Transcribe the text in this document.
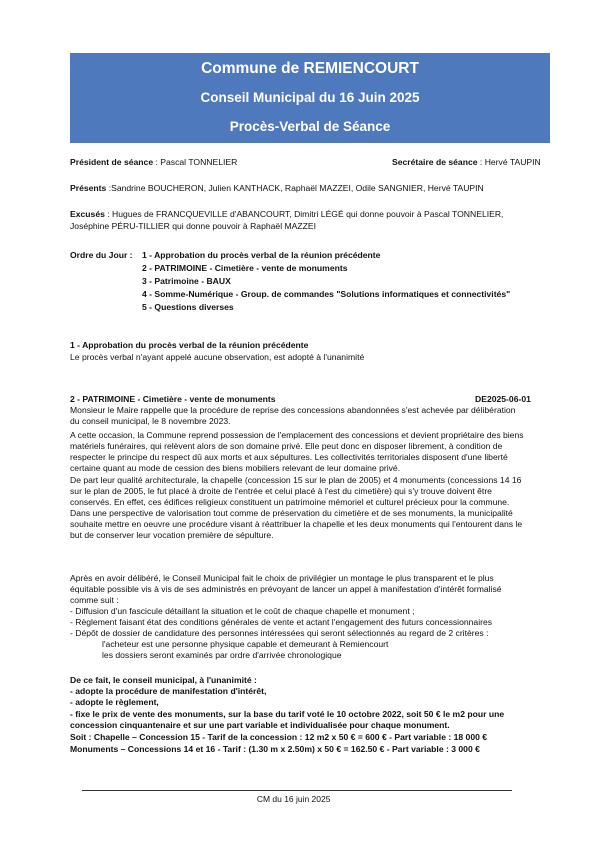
Commune de REMIENCOURT
Conseil Municipal du 16 Juin 2025
Procès-Verbal de Séance
Président de séance : Pascal TONNELIER	Secrétaire de séance : Hervé TAUPIN
Présents :Sandrine BOUCHERON, Julien KANTHACK, Raphaël MAZZEI, Odile SANGNIER, Hervé TAUPIN
Excusés : Hugues de FRANCQUEVILLE d'ABANCOURT, Dimitri LÉGÉ qui donne pouvoir à Pascal TONNELIER,
Joséphine PÉRU-TILLIER qui donne pouvoir à Raphaël MAZZEI
Ordre du Jour : 1 - Approbation du procès verbal de la réunion précédente
2 - PATRIMOINE - Cimetière - vente de monuments
3 - Patrimoine - BAUX
4 - Somme-Numérique - Group. de commandes "Solutions informatiques et connectivités"
5 - Questions diverses
1 - Approbation du procès verbal de la réunion précédente
Le procès verbal n'ayant appelé aucune observation, est adopté à l'unanimité
2 - PATRIMOINE - Cimetière - vente de monuments	DE2025-06-01
Monsieur le Maire rappelle que la procédure de reprise des concessions abandonnées s'est achevée par délibération
du conseil municipal, le 8 novembre 2023.
A cette occasion, la Commune reprend possession de l'emplacement des concessions et devient propriétaire des biens
matériels funéraires, qui relèvent alors de son domaine privé. Elle peut donc en disposer librement, à condition de
respecter le principe du respect dû aux morts et aux sépultures. Les collectivités territoriales disposent d'une liberté
certaine quant au mode de cession des biens mobiliers relevant de leur domaine privé.
De part leur qualité architecturale, la chapelle (concession 15 sur le plan de 2005) et 4 monuments (concessions 14 16
sur le plan de 2005, le fut placé à droite de l'entrée et celui placé à l'est du cimetière) qui s'y trouve doivent être
conservés. En effet, ces édifices religieux constituent un patrimoine mémoriel et culturel précieux pour la commune.
Dans une perspective de valorisation tout comme de préservation du cimetière et de ses monuments, la municipalité
souhaite mettre en oeuvre une procédure visant à réattribuer la chapelle et les deux monuments qui l'entourent dans le
but de conserver leur vocation première de sépulture.
Après en avoir délibéré, le Conseil Municipal fait le choix de privilégier un montage le plus transparent et le plus
équitable possible vis à vis de ses administrés en prévoyant de lancer un appel à manifestation d'intérêt formalisé
comme suit :
- Diffusion d'un fascicule détaillant la situation et le coût de chaque chapelle et monument ;
- Règlement faisant état des conditions générales de vente et actant l'engagement des futurs concessionnaires
- Dépôt de dossier de candidature des personnes intéressées qui seront sélectionnés au regard de 2 critères :
l'acheteur est une personne physique capable et demeurant à Remiencourt
les dossiers seront examinés par ordre d'arrivée chronologique
De ce fait, le conseil municipal, à l'unanimité :
- adopte la procédure de manifestation d'intérêt,
- adopte le règlement,
- fixe le prix de vente des monuments, sur la base du tarif voté le 10 octobre 2022, soit 50 € le m2 pour une
concession cinquantenaire et sur une part variable et individualisée pour chaque monument.
Soit : Chapelle – Concession 15 - Tarif de la concession : 12 m2 x 50 € = 600 € - Part variable : 18 000 €
Monuments – Concessions 14 et 16 - Tarif : (1.30 m x 2.50m) x 50 € = 162.50 € - Part variable : 3 000 €
CM du 16 juin 2025
